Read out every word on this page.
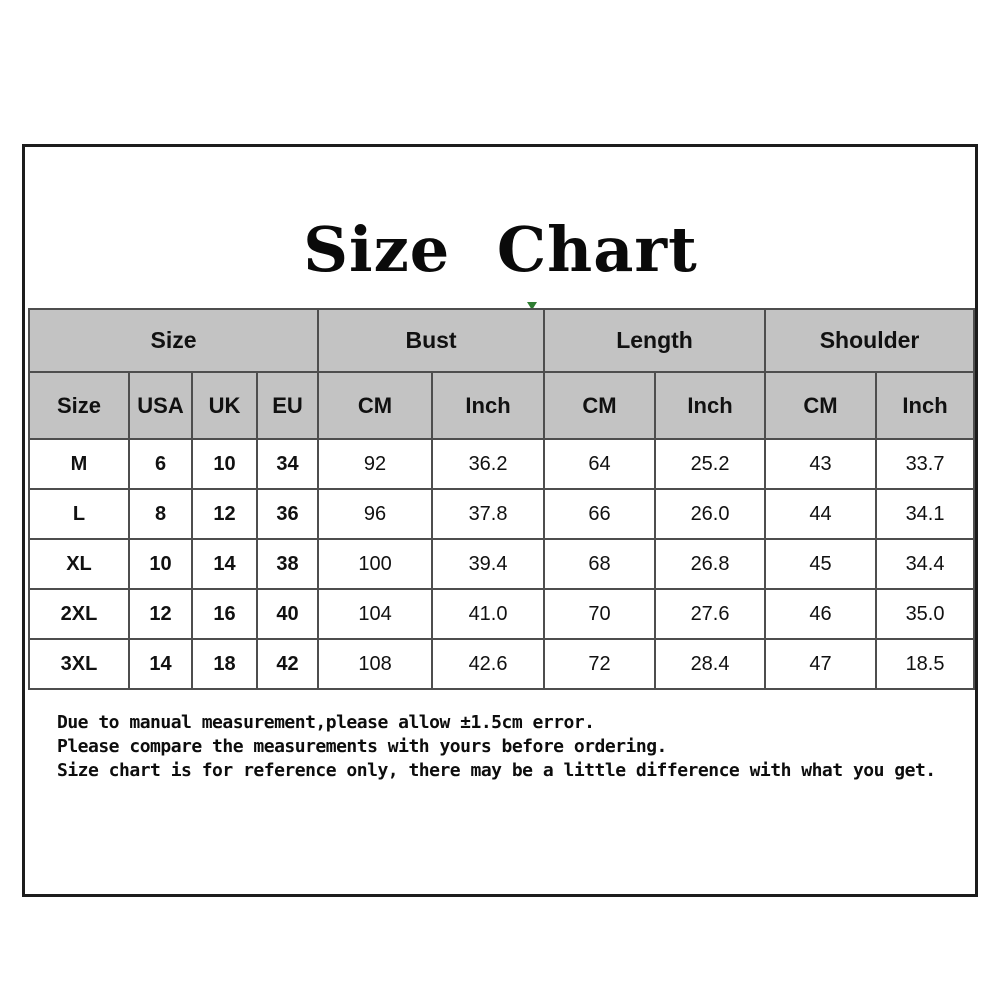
Size Chart
Size				Bust		Length		Shoulder	
Size	USA	UK	EU	CM	Inch	CM	Inch	CM	Inch
M	6	10	34	92	36.2	64	25.2	43	33.7
L	8	12	36	96	37.8	66	26.0	44	34.1
XL	10	14	38	100	39.4	68	26.8	45	34.4
2XL	12	16	40	104	41.0	70	27.6	46	35.0
3XL	14	18	42	108	42.6	72	28.4	47	18.5
Due to manual measurement,please allow ±1.5cm error.
Please compare the measurements with yours before ordering.
Size chart is for reference only, there may be a little difference with what you get.
